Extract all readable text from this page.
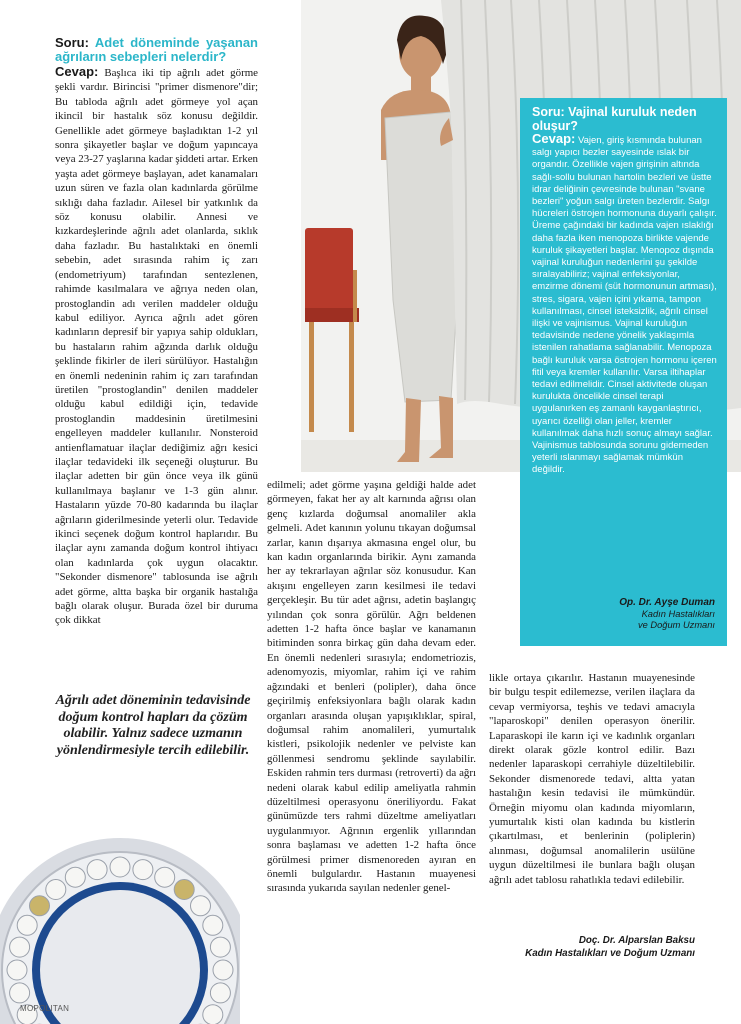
Soru: Adet döneminde yaşanan ağrıların sebepleri nelerdir?

Cevap: Başlıca iki tip ağrılı adet görme şekli vardır. Birincisi "primer dismenore"dir; Bu tabloda ağrılı adet görmeye yol açan ikincil bir hastalık söz konusu değildir. Genellikle adet görmeye başladıktan 1-2 yıl sonra şikayetler başlar ve doğum yapıncaya veya 23-27 yaşlarına kadar şiddeti artar. Erken yaşta adet görmeye başlayan, adet kanamaları uzun süren ve fazla olan kadınlarda görülme sıklığı daha fazladır. Ailesel bir yatkınlık da söz konusu olabilir. Annesi ve kızkardeşlerinde ağrılı adet olanlarda, sıklık daha fazladır. Bu hastalıktaki en önemli sebebin, adet sırasında rahim iç zarı (endometriyum) tarafından sentezlenen, rahimde kasılmalara ve ağrıya neden olan, prostoglandin adı verilen maddeler olduğu kabul ediliyor. Ayrıca ağrılı adet gören kadınların depresif bir yapıya sahip oldukları, bu hastaların rahim ağzında darlık olduğu şeklinde fikirler de ileri sürülüyor. Hastalığın en önemli nedeninin rahim iç zarı tarafından üretilen "prostoglandin" denilen maddeler olduğu kabul edildiği için, tedavide prostoglandin maddesinin üretilmesini engelleyen maddeler kullanılır. Nonsteroid antienflamatuar ilaçlar dediğimiz ağrı kesici ilaçlar tedavideki ilk seçeneği oluşturur. Bu ilaçlar adetten bir gün önce veya ilk günü kullanılmaya başlanır ve 1-3 gün alınır. Hastaların yüzde 70-80 kadarında bu ilaçlar ağrıların giderilmesinde yeterli olur. Tedavide ikinci seçenek doğum kontrol haplarıdır. Bu ilaçlar aynı zamanda doğum kontrol ihtiyacı olan kadınlarda çok uygun olacaktır. "Sekonder dismenore" tablosunda ise ağrılı adet görme, altta başka bir organik hastalığa bağlı olarak oluşur. Burada özel bir duruma çok dikkat

Soru: Vajinal kuruluk neden oluşur?

Cevap: Vajen, giriş kısmında bulunan salgı yapıcı bezler sayesinde ıslak bir organdır. Özellikle vajen girişinin altında sağlı-sollu bulunan hartolin bezleri ve üstte idrar deliğinin çevresinde bulunan "svane bezleri" yoğun salgı üreten bezlerdir. Salgı hücreleri östrojen hormonuna duyarlı çalışır. Üreme çağındaki bir kadında vajen ıslaklığı daha fazla iken menopoza birlikte vajende kuruluk şikayetleri başlar. Menopoz dışında vajinal kuruluğun nedenlerini şu şekilde sıralayabiliriz; vajinal enfeksiyonlar, emzirme dönemi (süt hormonunun artması), stres, sigara, vajen içini yıkama, tampon kullanılması, cinsel isteksizlik, ağrılı cinsel ilişki ve vajinismus. Vajinal kuruluğun tedavisinde nedene yönelik yaklaşımla istenilen rahatlama sağlanabilir. Menopoza bağlı kuruluk varsa östrojen hormonu içeren fitil veya kremler kullanılır. Varsa iltihaplar tedavi edilmelidir. Cinsel aktivitede oluşan kuruluktа öncelikle cinsel terapi uygulanırken eş zamanlı kayganlaştırıcı, uyarıcı özelliği olan jeller, kremler kullanılmak daha hızlı sonuç almayı sağlar. Vajinismus tablosunda sorunu giderneden yeterli ıslanmayı sağlamak mümkün değildir.

Op. Dr. Ayşe Duman
Kadın Hastalıkları
ve Doğum Uzmanı

edilmeli; adet görme yaşına geldiği halde adet görmeyen, fakat her ay alt karnında ağrısı olan genç kızlarda doğumsal anomaliler akla gelmeli. Adet kanının yolunu tıkayan doğumsal zarlar, kanın dışarıya akmasına engel olur, bu kan kadın organlarında birikir. Aynı zamanda her ay tekrarlayan ağrılar söz konusudur. Kan akışını engelleyen zarın kesilmesi ile tedavi gerçekleşir. Bu tür adet ağrısı, adetin başlangıç yılından çok sonra görülür. Ağrı beldenen adetten 1-2 hafta önce başlar ve kanamanın bitiminden sonra birkaç gün daha devam eder. En önemli nedenleri sırasıyla; endometriozis, adenomyozis, miyomlar, rahim içi ve rahim ağzındaki et benleri (polipler), daha önce geçirilmiş enfeksiyonlara bağlı olarak kadın organları arasında oluşan yapışıklıklar, spiral, doğumsal rahim anomalileri, yumurtalık kistleri, psikolojik nedenler ve pelviste kan göllenmesi sendromu şeklinde sayılabilir. Eskiden rahmin ters durması (retroverti) da ağrı nedeni olarak kabul edilip ameliyatla rahmin düzeltilmesi operasyonu öneriliyordu. Fakat günümüzde ters rahmi düzeltme ameliyatları uygulanmıyor. Ağrının ergenlik yıllarından sonra başlaması ve adetten 1-2 hafta önce görülmesi primer dismenoreden ayıran en önemli bulgulardır. Hastanın muayenesi sırasında yukarıda sayılan nedenler genel-

likle ortaya çıkarılır. Hastanın muayenesinde bir bulgu tespit edilemezse, verilen ilaçlara da cevap vermiyorsa, teşhis ve tedavi amacıyla "laparoskopi" denilen operasyon önerilir. Laparaskopi ile karın içi ve kadınlık organları direkt olarak gözle kontrol edilir. Bazı nedenler laparaskopi cerrahiyle düzeltilebilir. Sekonder dismenorede tedavi, altta yatan hastalığın kesin tedavisi ile mümkündür. Örneğin miyomu olan kadında miyomların, yumurtalık kisti olan kadında bu kistlerin çıkartılması, et benlerinin (poliplerin) alınması, doğumsal anomalilerin usülüne uygun düzeltilmesi ile bunlara bağlı oluşan ağrılı adet tablosu rahatlıkla tedavi edilebilir.

Doç. Dr. Alparslan Baksu
Kadın Hastalıkları ve Doğum Uzmanı
Ağrılı adet döneminin tedavisinde doğum kontrol hapları da çözüm olabilir. Yalnız sadece uzmanın yönlendirmesiyle tercih edilebilir.
MOPOLITAN
